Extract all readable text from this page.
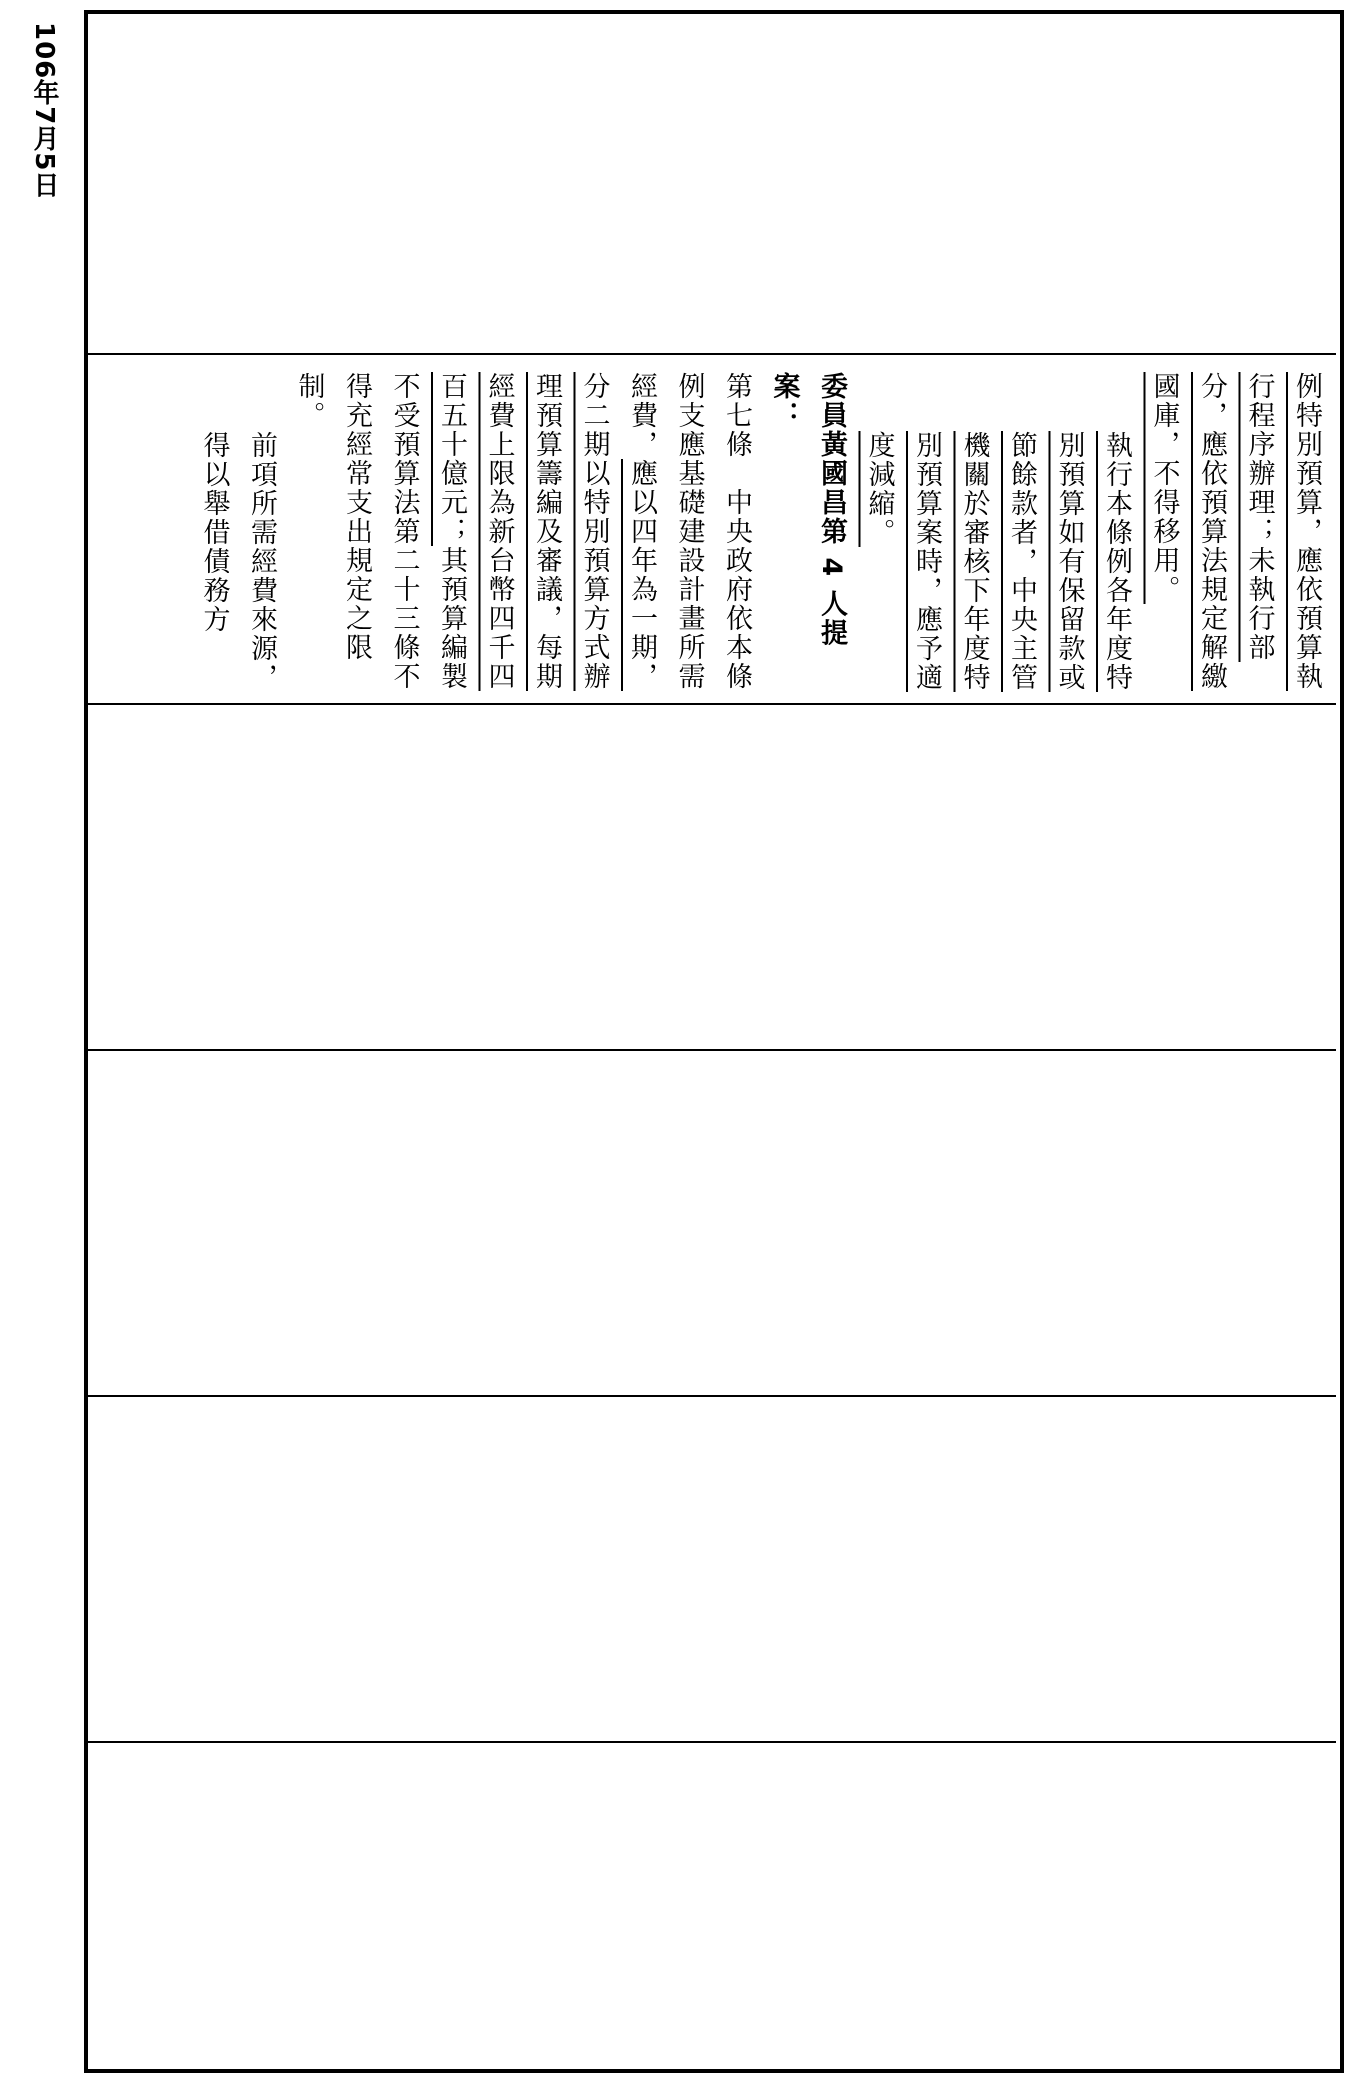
106年7月5日

例特別預算，應依預算執行程序辦理；未執行部分，應依預算法規定解繳國庫，不得移用。

執行本條例各年度特別預算如有保留款或節餘款者，中央主管機關於審核下年度特別預算案時，應予適度減縮。

委員黃國昌第 4 人提案：

第七條　中央政府依本條例支應基礎建設計畫所需經費，應以四年為一期，分二期以特別預算方式辦理預算籌編及審議，每期經費上限為新台幣四千四百五十億元；其預算編製不受預算法第二十三條不得充經常支出規定之限制。

前項所需經費來源，得以舉借債務方
